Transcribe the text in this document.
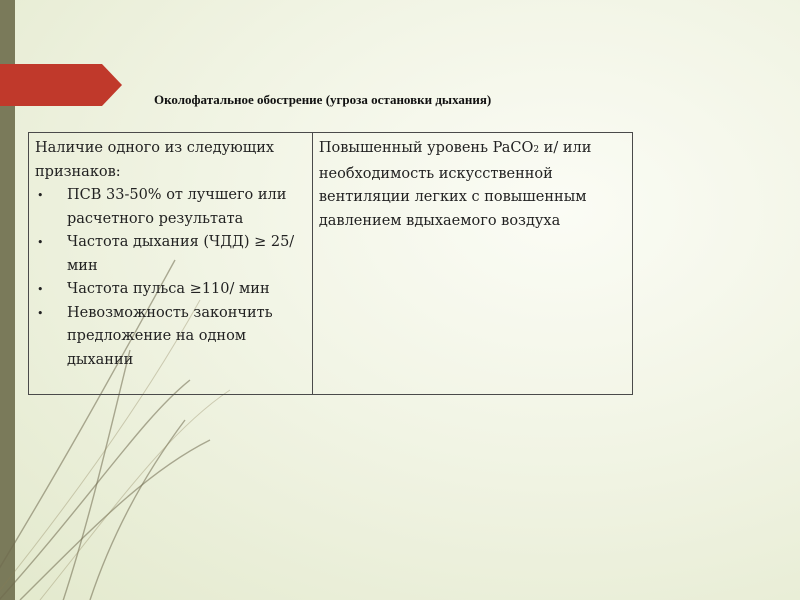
Околофатальное обострение (угроза остановки дыхания)
Наличие одного из следующих признаков:
• ПСВ 33-50% от лучшего или расчетного результата
• Частота дыхания (ЧДД) ≥ 25/мин
• Частота пульса ≥110/ мин
• Невозможность закончить предложение на одном дыхании
	Повышенный уровень PaCO2 и/ или необходимость искусственной вентиляции легких с повышенным давлением вдыхаемого воздуха
